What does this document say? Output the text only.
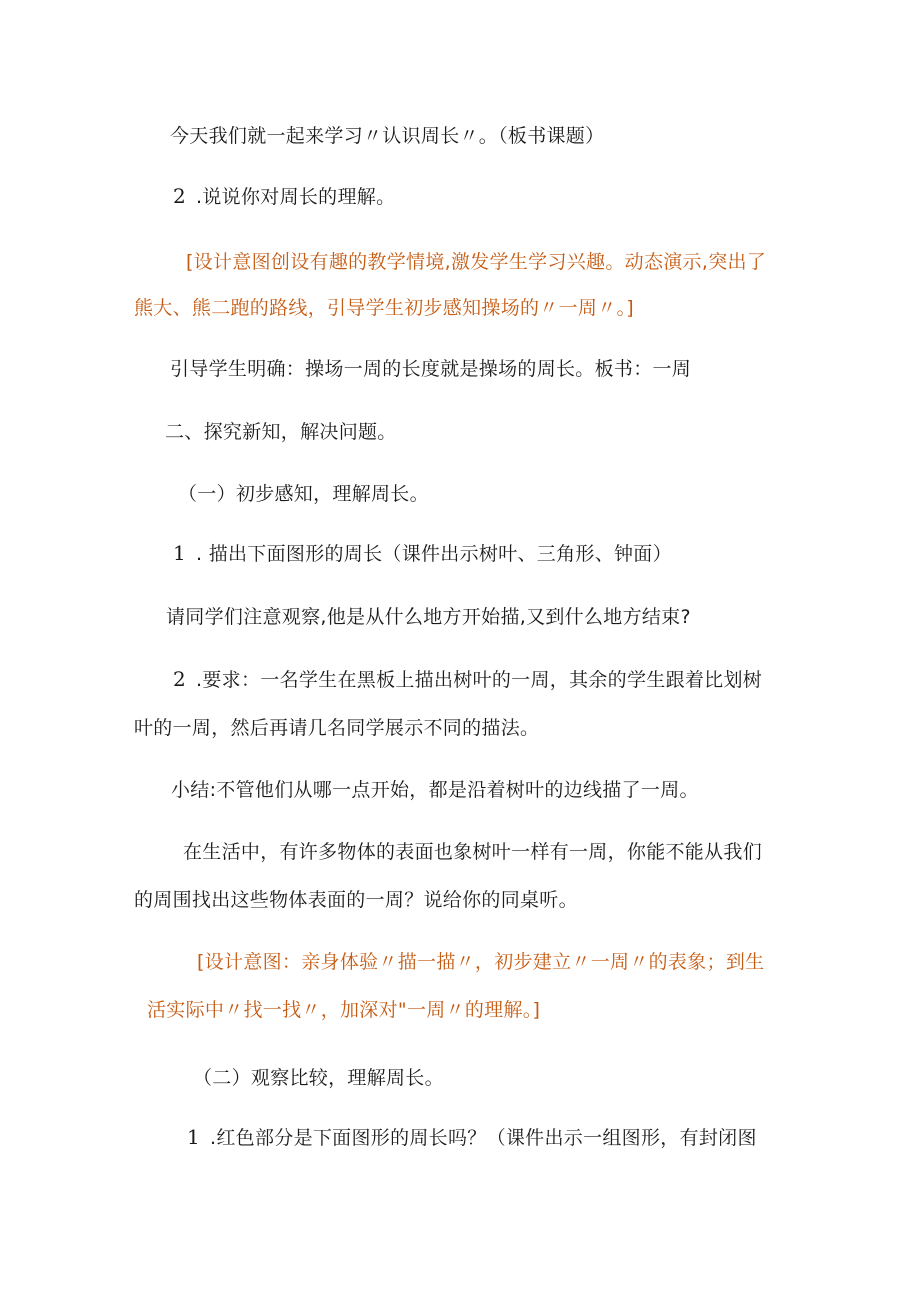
今天我们就一起来学习〃认识周长〃。（板书课题）
2 .说说你对周长的理解。
[设计意图创设有趣的教学情境,激发学生学习兴趣。动态演示,突出了
熊大、熊二跑的路线，引导学生初步感知操场的〃一周〃。]
引导学生明确：操场一周的长度就是操场的周长。板书：一周
二、探究新知，解决问题。
（一）初步感知，理解周长。
1 . 描出下面图形的周长（课件出示树叶、三角形、钟面）
请同学们注意观察,他是从什么地方开始描,又到什么地方结束?
2 .要求：一名学生在黑板上描出树叶的一周，其余的学生跟着比划树
叶的一周，然后再请几名同学展示不同的描法。
小结:不管他们从哪一点开始，都是沿着树叶的边线描了一周。
在生活中，有许多物体的表面也象树叶一样有一周，你能不能从我们
的周围找出这些物体表面的一周？说给你的同桌听。
[设计意图：亲身体验〃描一描〃，初步建立〃一周〃的表象；到生
活实际中〃找一找〃，加深对"一周〃的理解。]
（二）观察比较，理解周长。
1 .红色部分是下面图形的周长吗？（课件出示一组图形，有封闭图
